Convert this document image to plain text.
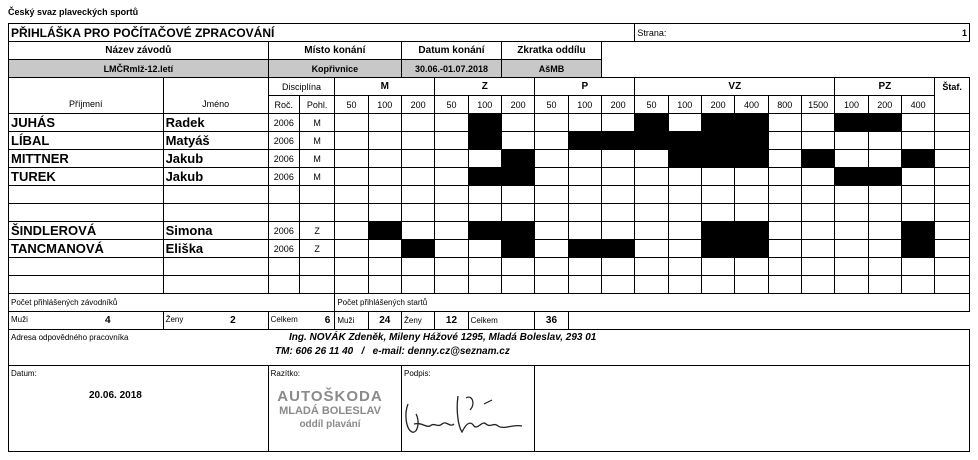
Český svaz plaveckých sportů
PŘIHLÁŠKA PRO POČÍTAČOVÉ ZPRACOVÁNÍ													Strana:									1
Název závodů		Místo konání				Datum konání			Zkratka oddílu													
LMČRmlž-12.letí		Kopřivnice				30.06.-01.07.2018			AšMB													
		Disciplína		M			Z			P			VZ						PZ			Štaf.
Příjmení	Jméno	Roč.	Pohl.	50	100	200	50	100	200	50	100	200	50	100	200	400	800	1500	100	200	400	
JUHÁS	Radek	2006	M																			
LÍBAL	Matyáš	2006	M																			
MITTNER	Jakub	2006	M																			
TUREK	Jakub	2006	M																			

ŠINDLEROVÁ	Simona	2006	Z																			
TANCMANOVÁ	Eliška	2006	Z																			

Počet přihlášených závodníků				Počet přihlášených startů																		
Muži 4	Ženy 2	Celkem 6		Muži	24	Ženy	12	Celkem		36												

Adresa odpovědného pracovníka Ing. NOVÁK Zdeněk, Mileny Hážové 1295, Mladá Boleslav, 293 01
TM: 606 26 11 40   /   e-mail: denny.cz@seznam.cz																						

Datum:
20.06. 2018		Razítko:				Podpis:																

AUTOŠKODA
MLADÁ BOLESLAV
oddíl plavání
